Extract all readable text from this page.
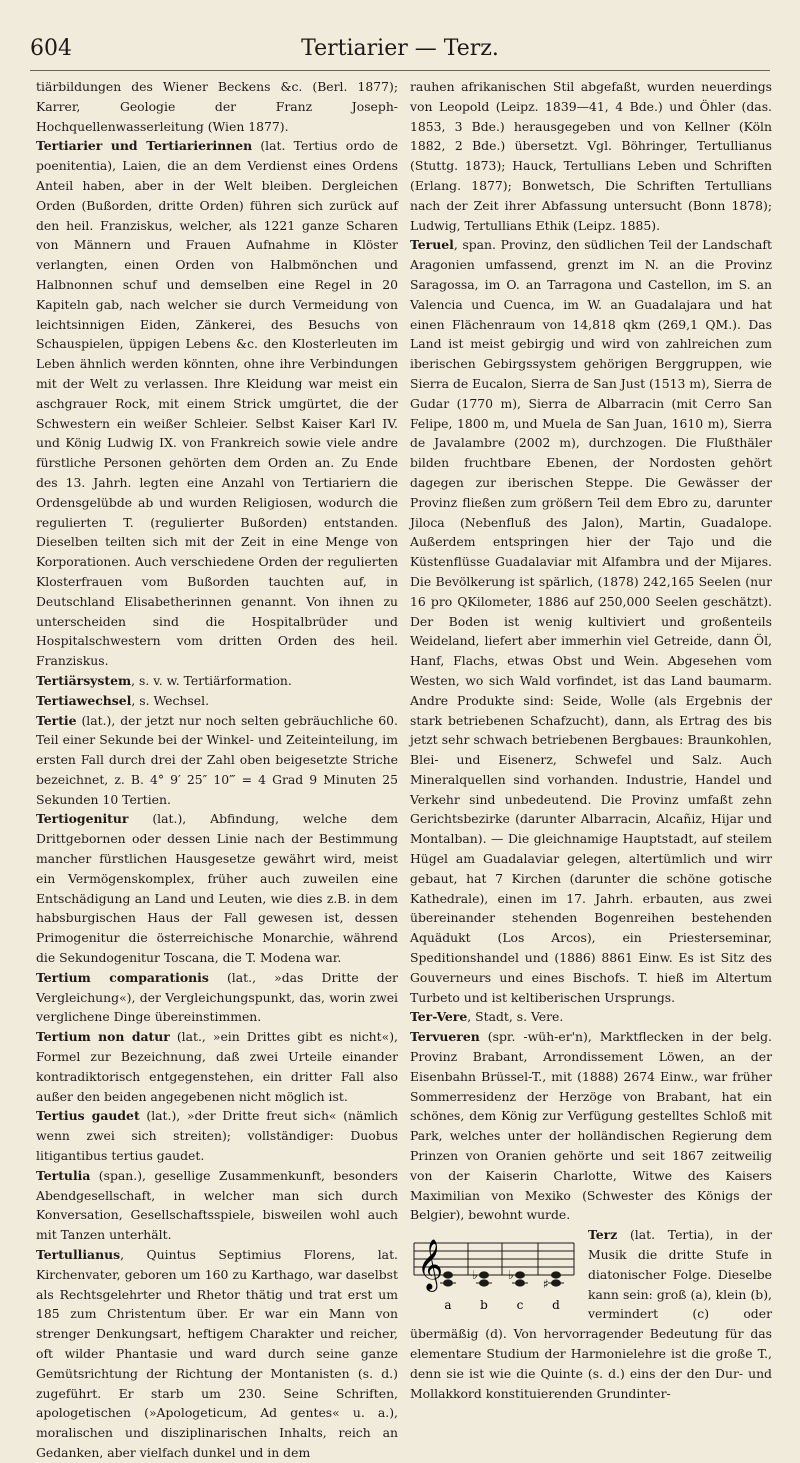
604	Tertiarier — Terz.

tiärbildungen des Wiener Beckens &c. (Berl. 1877); Karrer, Geologie der Franz Joseph-Hochquellenwasserleitung (Wien 1877).

Tertiarier und Tertiarierinnen (lat. Tertius ordo de poenitentia), Laien, die an dem Verdienst eines Ordens Anteil haben, aber in der Welt bleiben. Dergleichen Orden (Bußorden, dritte Orden) führen sich zurück auf den heil. Franziskus, welcher, als 1221 ganze Scharen von Männern und Frauen Aufnahme in Klöster verlangten, einen Orden von Halbmönchen und Halbnonnen schuf und demselben eine Regel in 20 Kapiteln gab, nach welcher sie durch Vermeidung von leichtsinnigen Eiden, Zänkerei, des Besuchs von Schauspielen, üppigen Lebens &c. den Klosterleuten im Leben ähnlich werden könnten, ohne ihre Verbindungen mit der Welt zu verlassen. Ihre Kleidung war meist ein aschgrauer Rock, mit einem Strick umgürtet, die der Schwestern ein weißer Schleier. Selbst Kaiser Karl IV. und König Ludwig IX. von Frankreich sowie viele andre fürstliche Personen gehörten dem Orden an. Zu Ende des 13. Jahrh. legten eine Anzahl von Tertiariern die Ordensgelübde ab und wurden Religiosen, wodurch die regulierten T. (regulierter Bußorden) entstanden. Dieselben teilten sich mit der Zeit in eine Menge von Korporationen. Auch verschiedene Orden der regulierten Klosterfrauen vom Bußorden tauchten auf, in Deutschland Elisabetherinnen genannt. Von ihnen zu unterscheiden sind die Hospitalbrüder und Hospitalschwestern vom dritten Orden des heil. Franziskus.

Tertiärsystem, s. v. w. Tertiärformation.

Tertiawechsel, s. Wechsel.

Tertie (lat.), der jetzt nur noch selten gebräuchliche 60. Teil einer Sekunde bei der Winkel- und Zeiteinteilung, im ersten Fall durch drei der Zahl oben beigesetzte Striche bezeichnet, z. B. 4° 9′ 25″ 10‴ = 4 Grad 9 Minuten 25 Sekunden 10 Tertien.

Tertiogenitur (lat.), Abfindung, welche dem Drittgebornen oder dessen Linie nach der Bestimmung mancher fürstlichen Hausgesetze gewährt wird, meist ein Vermögenskomplex, früher auch zuweilen eine Entschädigung an Land und Leuten, wie dies z.B. in dem habsburgischen Haus der Fall gewesen ist, dessen Primogenitur die österreichische Monarchie, während die Sekundogenitur Toscana, die T. Modena war.

Tertium comparationis (lat., »das Dritte der Vergleichung«), der Vergleichungspunkt, das, worin zwei verglichene Dinge übereinstimmen.

Tertium non datur (lat., »ein Drittes gibt es nicht«), Formel zur Bezeichnung, daß zwei Urteile einander kontradiktorisch entgegenstehen, ein dritter Fall also außer den beiden angegebenen nicht möglich ist.

Tertius gaudet (lat.), »der Dritte freut sich« (nämlich wenn zwei sich streiten); vollständiger: Duobus litigantibus tertius gaudet.

Tertulia (span.), gesellige Zusammenkunft, besonders Abendgesellschaft, in welcher man sich durch Konversation, Gesellschaftsspiele, bisweilen wohl auch mit Tanzen unterhält.

Tertullianus, Quintus Septimius Florens, lat. Kirchenvater, geboren um 160 zu Karthago, war daselbst als Rechtsgelehrter und Rhetor thätig und trat erst um 185 zum Christentum über. Er war ein Mann von strenger Denkungsart, heftigem Charakter und reicher, oft wilder Phantasie und ward durch seine ganze Gemütsrichtung der Richtung der Montanisten (s. d.) zugeführt. Er starb um 230. Seine Schriften, apologetischen (»Apologeticum, Ad gentes« u. a.), moralischen und disziplinarischen Inhalts, reich an Gedanken, aber vielfach dunkel und in dem

rauhen afrikanischen Stil abgefaßt, wurden neuerdings von Leopold (Leipz. 1839—41, 4 Bde.) und Öhler (das. 1853, 3 Bde.) herausgegeben und von Kellner (Köln 1882, 2 Bde.) übersetzt. Vgl. Böhringer, Tertullianus (Stuttg. 1873); Hauck, Tertullians Leben und Schriften (Erlang. 1877); Bonwetsch, Die Schriften Tertullians nach der Zeit ihrer Abfassung untersucht (Bonn 1878); Ludwig, Tertullians Ethik (Leipz. 1885).

Teruel, span. Provinz, den südlichen Teil der Landschaft Aragonien umfassend, grenzt im N. an die Provinz Saragossa, im O. an Tarragona und Castellon, im S. an Valencia und Cuenca, im W. an Guadalajara und hat einen Flächenraum von 14,818 qkm (269,1 QM.). Das Land ist meist gebirgig und wird von zahlreichen zum iberischen Gebirgssystem gehörigen Berggruppen, wie Sierra de Eucalon, Sierra de San Just (1513 m), Sierra de Gudar (1770 m), Sierra de Albarracin (mit Cerro San Felipe, 1800 m, und Muela de San Juan, 1610 m), Sierra de Javalambre (2002 m), durchzogen. Die Flußthäler bilden fruchtbare Ebenen, der Nordosten gehört dagegen zur iberischen Steppe. Die Gewässer der Provinz fließen zum größern Teil dem Ebro zu, darunter Jiloca (Nebenfluß des Jalon), Martin, Guadalope. Außerdem entspringen hier der Tajo und die Küstenflüsse Guadalaviar mit Alfambra und der Mijares. Die Bevölkerung ist spärlich, (1878) 242,165 Seelen (nur 16 pro QKilometer, 1886 auf 250,000 Seelen geschätzt). Der Boden ist wenig kultiviert und großenteils Weideland, liefert aber immerhin viel Getreide, dann Öl, Hanf, Flachs, etwas Obst und Wein. Abgesehen vom Westen, wo sich Wald vorfindet, ist das Land baumarm. Andre Produkte sind: Seide, Wolle (als Ergebnis der stark betriebenen Schafzucht), dann, als Ertrag des bis jetzt sehr schwach betriebenen Bergbaues: Braunkohlen, Blei- und Eisenerz, Schwefel und Salz. Auch Mineralquellen sind vorhanden. Industrie, Handel und Verkehr sind unbedeutend. Die Provinz umfaßt zehn Gerichtsbezirke (darunter Albarracin, Alcañiz, Hijar und Montalban). — Die gleichnamige Hauptstadt, auf steilem Hügel am Guadalaviar gelegen, altertümlich und wirr gebaut, hat 7 Kirchen (darunter die schöne gotische Kathedrale), einen im 17. Jahrh. erbauten, aus zwei übereinander stehenden Bogenreihen bestehenden Aquädukt (Los Arcos), ein Priesterseminar, Speditionshandel und (1886) 8861 Einw. Es ist Sitz des Gouverneurs und eines Bischofs. T. hieß im Altertum Turbeto und ist keltiberischen Ursprungs.

Ter-Vere, Stadt, s. Vere.

Tervueren (spr. -wüh-er'n), Marktflecken in der belg. Provinz Brabant, Arrondissement Löwen, an der Eisenbahn Brüssel-T., mit (1888) 2674 Einw., war früher Sommerresidenz der Herzöge von Brabant, hat ein schönes, dem König zur Verfügung gestelltes Schloß mit Park, welches unter der holländischen Regierung dem Prinzen von Oranien gehörte und seit 1867 zeitweilig von der Kaiserin Charlotte, Witwe des Kaisers Maximilian von Mexiko (Schwester des Königs der Belgier), bewohnt wurde.

𝄞 ♭	♭
♯
a b c d

Terz (lat. Tertia), in der Musik die dritte Stufe in diatonischer Folge. Dieselbe kann sein: groß (a), klein (b), vermindert (c) oder übermäßig (d). Von hervorragender Bedeutung für das elementare Studium der Harmonielehre ist die große T., denn sie ist wie die Quinte (s. d.) eins der den Dur- und Mollakkord konstituierenden Grundinter-
